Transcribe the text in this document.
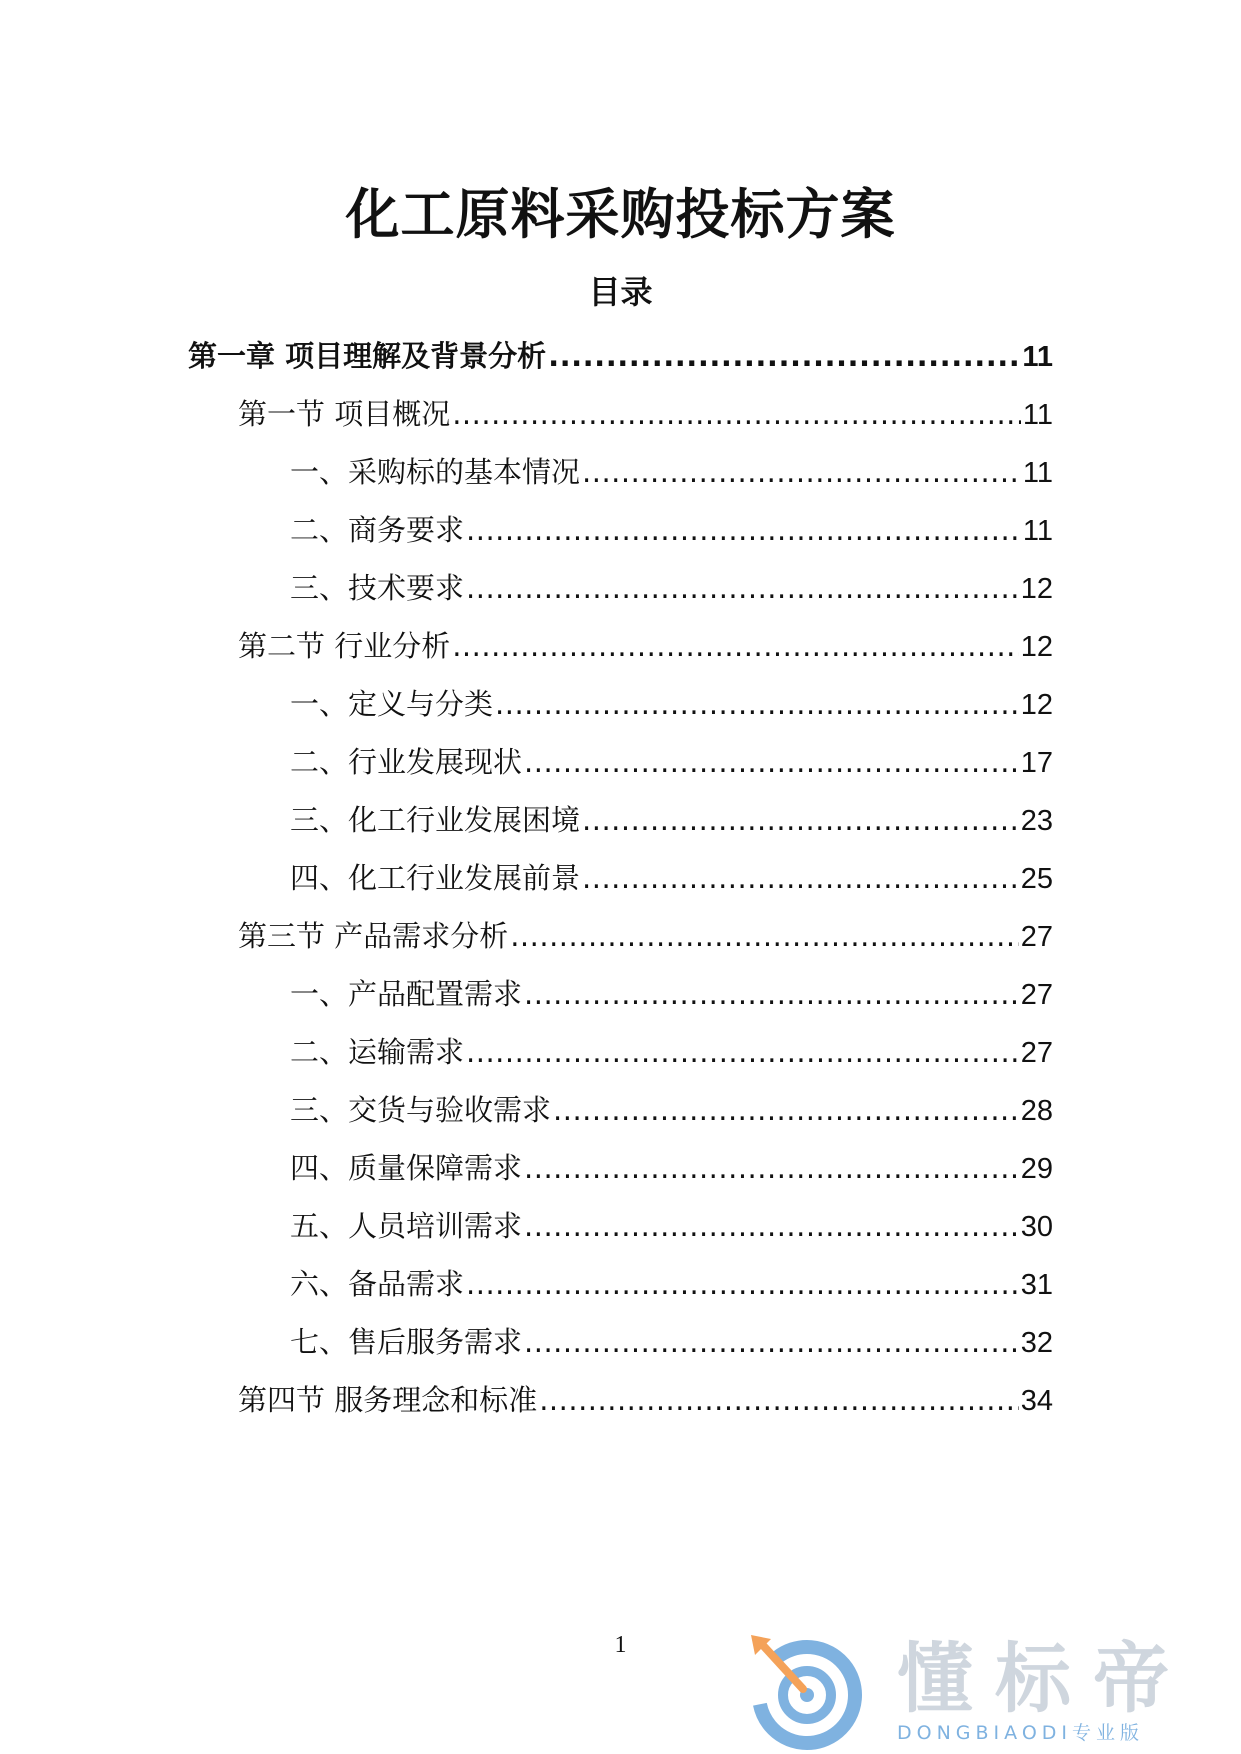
化工原料采购投标方案
目录
第一章 项目理解及背景分析 .....	11
第一节 项目概况 .....	11
一、采购标的基本情况 .....	11
二、商务要求 .....	11
三、技术要求 .....	12
第二节 行业分析 .....	12
一、定义与分类 .....	12
二、行业发展现状 .....	17
三、化工行业发展困境 .....	23
四、化工行业发展前景 .....	25
第三节 产品需求分析 .....	27
一、产品配置需求 .....	27
二、运输需求 .....	27
三、交货与验收需求 .....	28
四、质量保障需求 .....	29
五、人员培训需求 .....	30
六、备品需求 .....	31
七、售后服务需求 .....	32
第四节 服务理念和标准 .....	34
1	懂标帝
DONGBIAODI专业版
